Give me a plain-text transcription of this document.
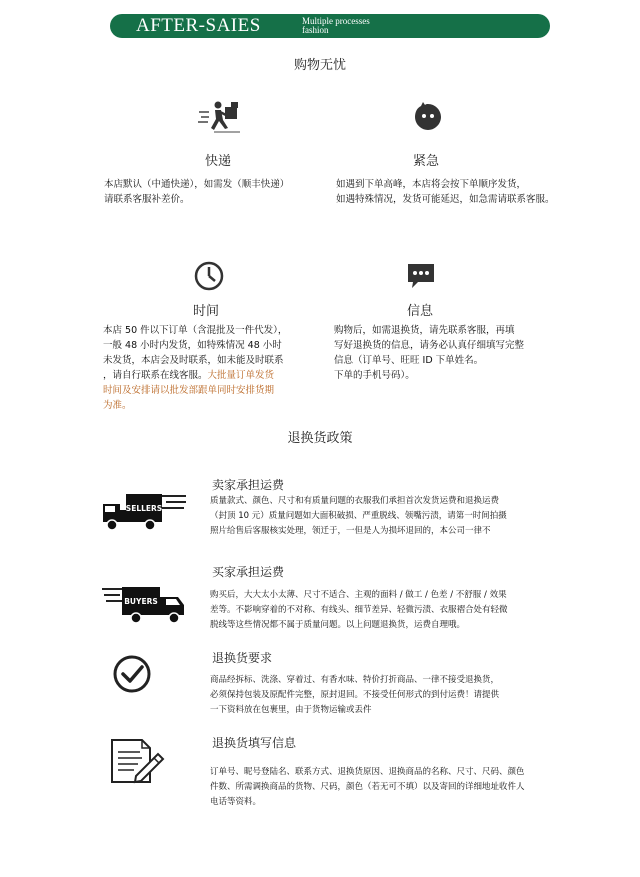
AFTER-SAIES	Multiple processes
fashion
购物无忧
快递
本店默认（中通快递），如需发（顺丰快递）
请联系客服补差价。
紧急
如遇到下单高峰，本店将会按下单顺序发货，
如遇特殊情况，发货可能延迟，如急需请联系客服。
时间
本店 50 件以下订单（含混批及一件代发），
一般 48 小时内发货，如特殊情况 48 小时
未发货，本店会及时联系，如未能及时联系
，请自行联系在线客服。大批量订单发货
时间及安排请以批发部跟单同时安排货期
为准。
信息
购物后，如需退换货，请先联系客服，再填
写好退换货的信息，请务必认真仔细填写完整
信息（订单号、旺旺 ID 下单姓名。
下单的手机号码）。
退换货政策
SELLERS
卖家承担运费
质量款式、颜色、尺寸和有质量问题的衣服我们承担首次发货运费和退换运费
（封顶 10 元）质量问题如大面积破损、严重脱线、领嘴污渍，请第一时间拍摄
照片给售后客服核实处理，领迁于，一但是人为损坏退回的，本公司一律不
BUYERS
买家承担运费
购买后，大大太小太薄、尺寸不适合、主观的面料 / 做工 / 色差 / 不舒服 / 效果
差等。不影响穿着的不对称、有线头、细节差异、轻微污渍、衣服褶合处有轻微
脱线等这些情况都不属于质量问题。以上问题退换货，运费自理哦。
退换货要求
商品经拆标、洗涤、穿着过、有香水味、特价打折商品、一律不接受退换货，
必须保持包装及原配件完整，原封退回。不接受任何形式的到付运费！请提供
一下资料放在包裹里，由于货物运输或丢件
退换货填写信息
订单号、昵号登陆名、联系方式、退换货原因、退换商品的名称、尺寸、尺码、颜色
件数、所需调换商品的货物、尺码，颜色（若无可不填）以及寄回的详细地址收件人
电话等资料。
